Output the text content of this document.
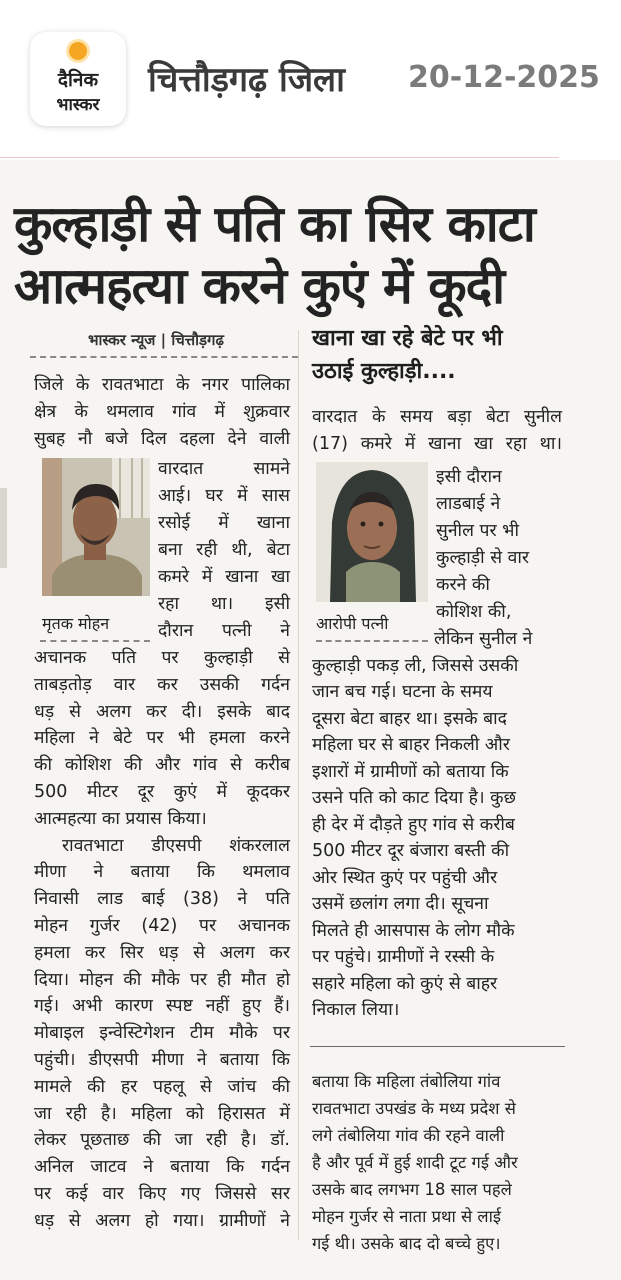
दैनिक
भास्कर
चित्तौड़गढ़ जिला 20-12-2025
कुल्हाड़ी से पति का सिर काटा
आत्महत्या करने कुएं में कूदी
भास्कर न्यूज | चित्तौड़गढ़

जिले के रावतभाटा के नगर पालिका

क्षेत्र के थमलाव गांव में शुक्रवार

सुबह नौ बजे दिल दहला देने वाली

मृतक मोहन

वारदात सामने

आई। घर में सास

रसोई में खाना

बना रही थी, बेटा

कमरे में खाना खा

रहा था। इसी

दौरान पत्नी ने

अचानक पति पर कुल्हाड़ी से

ताबड़तोड़ वार कर उसकी गर्दन

धड़ से अलग कर दी। इसके बाद

महिला ने बेटे पर भी हमला करने

की कोशिश की और गांव से करीब

500 मीटर दूर कुएं में कूदकर

आत्महत्या का प्रयास किया।

रावतभाटा डीएसपी शंकरलाल

मीणा ने बताया कि थमलाव

निवासी लाड बाई (38) ने पति

मोहन गुर्जर (42) पर अचानक

हमला कर सिर धड़ से अलग कर

दिया। मोहन की मौके पर ही मौत हो

गई। अभी कारण स्पष्ट नहीं हुए हैं।

मोबाइल इन्वेस्टिगेशन टीम मौके पर

पहुंची। डीएसपी मीणा ने बताया कि

मामले की हर पहलू से जांच की

जा रही है। महिला को हिरासत में

लेकर पूछताछ की जा रही है। डॉ.

अनिल जाटव ने बताया कि गर्दन

पर कई वार किए गए जिससे सर

धड़ से अलग हो गया। ग्रामीणों ने

खाना खा रहे बेटे पर भी

उठाई कुल्हाड़ी....

वारदात के समय बड़ा बेटा सुनील

(17) कमरे में खाना खा रहा था।

आरोपी पत्नी

इसी दौरान

लाडबाई ने

सुनील पर भी

कुल्हाड़ी से वार

करने की

कोशिश की,

लेकिन सुनील ने

कुल्हाड़ी पकड़ ली, जिससे उसकी

जान बच गई। घटना के समय

दूसरा बेटा बाहर था। इसके बाद

महिला घर से बाहर निकली और

इशारों में ग्रामीणों को बताया कि

उसने पति को काट दिया है। कुछ

ही देर में दौड़ते हुए गांव से करीब

500 मीटर दूर बंजारा बस्ती की

ओर स्थित कुएं पर पहुंची और

उसमें छलांग लगा दी। सूचना

मिलते ही आसपास के लोग मौके

पर पहुंचे। ग्रामीणों ने रस्सी के

सहारे महिला को कुएं से बाहर

निकाल लिया।

बताया कि महिला तंबोलिया गांव

रावतभाटा उपखंड के मध्य प्रदेश से

लगे तंबोलिया गांव की रहने वाली

है और पूर्व में हुई शादी टूट गई और

उसके बाद लगभग 18 साल पहले

मोहन गुर्जर से नाता प्रथा से लाई

गई थी। उसके बाद दो बच्चे हुए।
